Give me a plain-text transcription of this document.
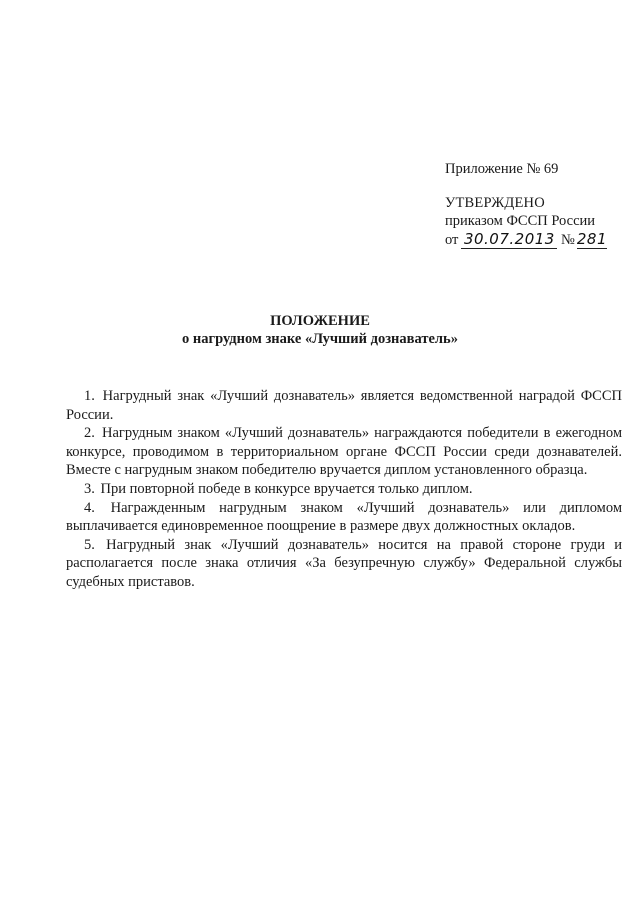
Приложение № 69
УТВЕРЖДЕНО
приказом ФССП России
от 30.07.2013 № 281
ПОЛОЖЕНИЕ
о нагрудном знаке «Лучший дознаватель»

1. Нагрудный знак «Лучший дознаватель» является ведомственной наградой ФССП России.

2. Нагрудным знаком «Лучший дознаватель» награждаются победители в ежегодном конкурсе, проводимом в территориальном органе ФССП России среди дознавателей. Вместе с нагрудным знаком победителю вручается диплом установленного образца.

3. При повторной победе в конкурсе вручается только диплом.

4. Награжденным нагрудным знаком «Лучший дознаватель» или дипломом выплачивается единовременное поощрение в размере двух должностных окладов.

5. Нагрудный знак «Лучший дознаватель» носится на правой стороне груди и располагается после знака отличия «За безупречную службу» Федеральной службы судебных приставов.
